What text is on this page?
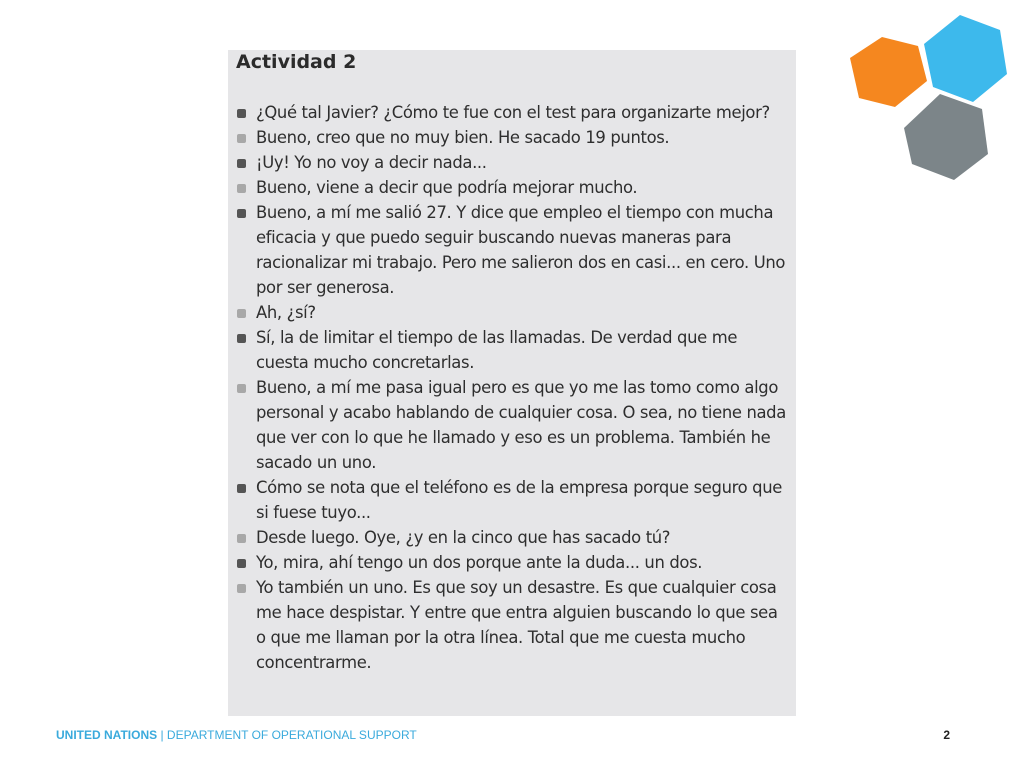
Actividad 2
¿Qué tal Javier? ¿Cómo te fue con el test para organizarte mejor?
Bueno, creo que no muy bien. He sacado 19 puntos.
¡Uy! Yo no voy a decir nada...
Bueno, viene a decir que podría mejorar mucho.
Bueno, a mí me salió 27. Y dice que empleo el tiempo con mucha eficacia y que puedo seguir buscando nuevas maneras para racionalizar mi trabajo. Pero me salieron dos en casi... en cero. Uno por ser generosa.
Ah, ¿sí?
Sí, la de limitar el tiempo de las llamadas. De verdad que me cuesta mucho concretarlas.
Bueno, a mí me pasa igual pero es que yo me las tomo como algo personal y acabo hablando de cualquier cosa. O sea, no tiene nada que ver con lo que he llamado y eso es un problema. También he sacado un uno.
Cómo se nota que el teléfono es de la empresa porque seguro que si fuese tuyo...
Desde luego. Oye, ¿y en la cinco que has sacado tú?
Yo, mira, ahí tengo un dos porque ante la duda... un dos.
Yo también un uno. Es que soy un desastre. Es que cualquier cosa me hace despistar. Y entre que entra alguien buscando lo que sea o que me llaman por la otra línea. Total que me cuesta mucho concentrarme.
UNITED NATIONS | DEPARTMENT OF OPERATIONAL SUPPORT	2
